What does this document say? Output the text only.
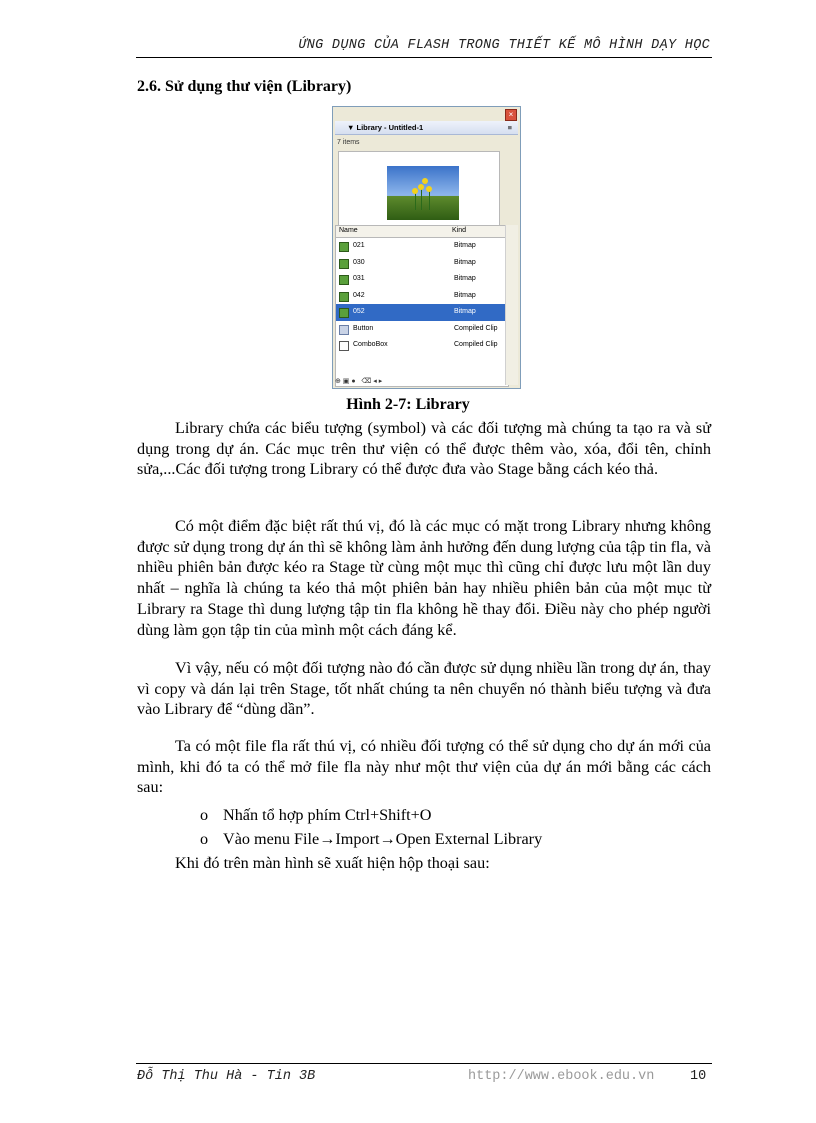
ỨNG DỤNG CỦA FLASH TRONG THIẾT KẾ MÔ HÌNH DẠY HỌC
2.6. Sử dụng thư viện (Library)
×
▼ Library - Untitled-1	≡
7 items
Name	Kind
021	Bitmap
030	Bitmap
031	Bitmap
042	Bitmap
052	Bitmap
Button	Compiled Clip
ComboBox	Compiled Clip
⊕ ▣ ●   ⌫ ◂ ▸
Hình 2-7: Library

Library chứa các biểu tượng (symbol) và các đối tượng mà chúng ta tạo ra và sử dụng trong dự án. Các mục trên thư viện có thể được thêm vào, xóa, đổi tên, chỉnh sửa,...Các đối tượng trong Library có thể được đưa vào Stage bằng cách kéo thả.

Có một điểm đặc biệt rất thú vị, đó là các mục có mặt trong Library nhưng không được sử dụng trong dự án thì sẽ không làm ảnh hưởng đến dung lượng của tập tin fla, và nhiều phiên bản được kéo ra Stage từ cùng một mục thì cũng chỉ được lưu một lần duy nhất – nghĩa là chúng ta kéo thả một phiên bản hay nhiều phiên bản của một mục từ Library ra Stage thì dung lượng tập tin fla không hề thay đổi. Điều này cho phép người dùng làm gọn tập tin của mình một cách đáng kể.

Vì vậy, nếu có một đối tượng nào đó cần được sử dụng nhiều lần trong dự án, thay vì copy và dán lại trên Stage, tốt nhất chúng ta nên chuyển nó thành biểu tượng và đưa vào Library để “dùng dần”.

Ta có một file fla rất thú vị, có nhiều đối tượng có thể sử dụng cho dự án mới của mình, khi đó ta có thể mở file fla này như một thư viện của dự án mới bằng các cách sau:

o Nhấn tổ hợp phím Ctrl+Shift+O
o Vào menu File→Import→Open External Library

Khi đó trên màn hình sẽ xuất hiện hộp thoại sau:

Đỗ Thị Thu Hà - Tin 3B	http://www.ebook.edu.vn	10
